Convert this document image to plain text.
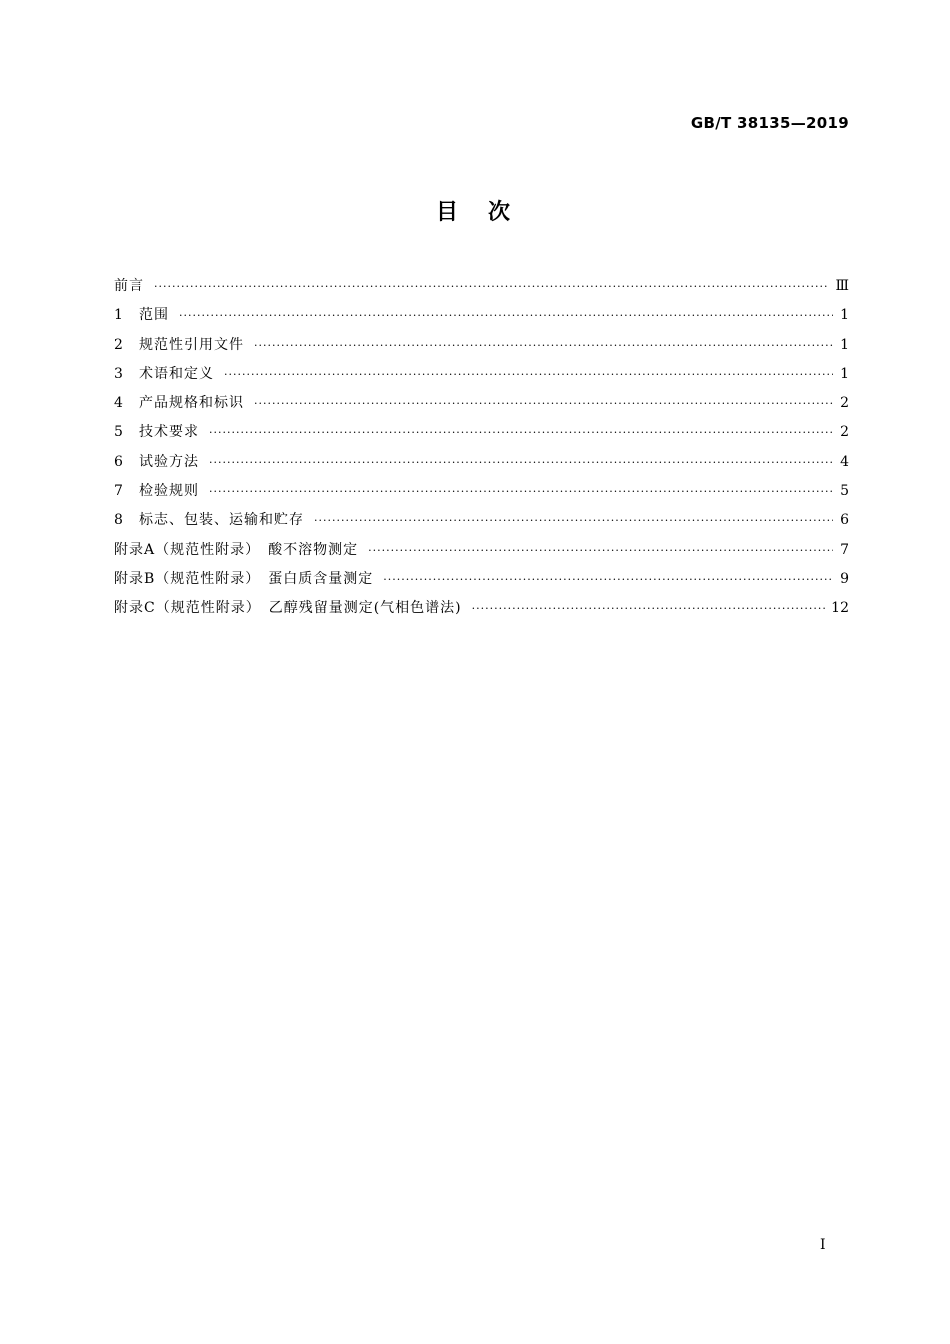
GB/T 38135—2019
目　次
前言 ·····	Ⅲ
1	范围 ·····	1
2	规范性引用文件 ·····	1
3	术语和定义 ·····	1
4	产品规格和标识 ·····	2
5	技术要求 ·····	2
6	试验方法 ·····	4
7	检验规则 ·····	5
8	标志、包装、运输和贮存 ·····	6
附录A（规范性附录）　酸不溶物测定 ·····	7
附录B（规范性附录）　蛋白质含量测定 ·····	9
附录C（规范性附录）　乙醇残留量测定(气相色谱法) ·····	12
I
